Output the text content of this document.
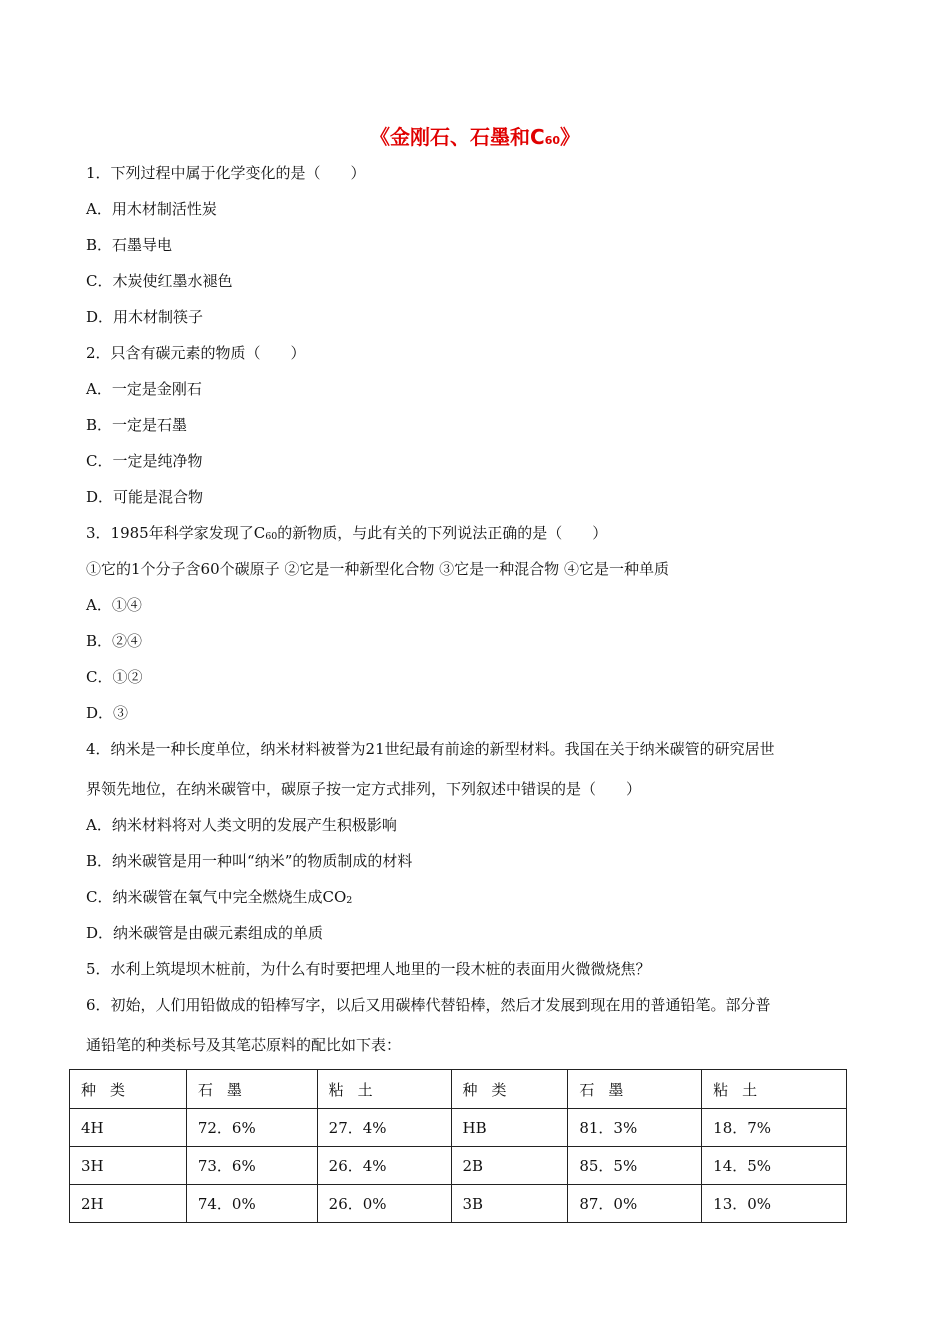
《金刚石、石墨和C60》
1．下列过程中属于化学变化的是（　　）
A．用木材制活性炭
B．石墨导电
C．木炭使红墨水褪色
D．用木材制筷子
2．只含有碳元素的物质（　　）
A．一定是金刚石
B．一定是石墨
C．一定是纯净物
D．可能是混合物
3．1985年科学家发现了C60的新物质，与此有关的下列说法正确的是（　　）
①它的1个分子含60个碳原子 ②它是一种新型化合物 ③它是一种混合物 ④它是一种单质
A．①④
B．②④
C．①②
D．③
4．纳米是一种长度单位，纳米材料被誉为21世纪最有前途的新型材料。我国在关于纳米碳管的研究居世
界领先地位，在纳米碳管中，碳原子按一定方式排列，下列叙述中错误的是（　　）
A．纳米材料将对人类文明的发展产生积极影响
B．纳米碳管是用一种叫“纳米”的物质制成的材料
C．纳米碳管在氧气中完全燃烧生成CO2
D．纳米碳管是由碳元素组成的单质
5．水利上筑堤坝木桩前，为什么有时要把埋人地里的一段木桩的表面用火微微烧焦？
6．初始，人们用铅做成的铅棒写字，以后又用碳棒代替铅棒，然后才发展到现在用的普通铅笔。部分普
通铅笔的种类标号及其笔芯原料的配比如下表：
种类	石墨	粘土	种类	石墨	粘土
4H	72．6%	27．4%	HB	81．3%	18．7%
3H	73．6%	26．4%	2B	85．5%	14．5%
2H	74．0%	26．0%	3B	87．0%	13．0%
